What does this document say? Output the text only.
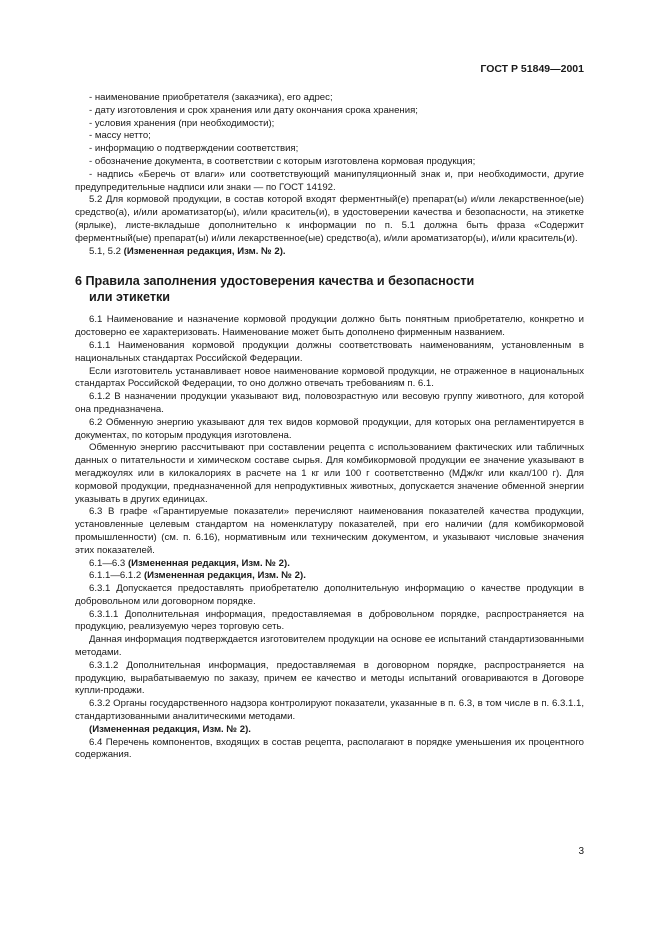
ГОСТ Р 51849—2001

- наименование приобретателя (заказчика), его адрес;

- дату изготовления и срок хранения или дату окончания срока хранения;

- условия хранения (при необходимости);

- массу нетто;

- информацию о подтверждении соответствия;

- обозначение документа, в соответствии с которым изготовлена кормовая продукция;

- надпись «Беречь от влаги» или соответствующий манипуляционный знак и, при необходимости, другие предупредительные надписи или знаки — по ГОСТ 14192.

5.2 Для кормовой продукции, в состав которой входят ферментный(е) препарат(ы) и/или лекарственное(ые) средство(а), и/или ароматизатор(ы), и/или краситель(и), в удостоверении качества и безопасности, на этикетке (ярлыке), листе-вкладыше дополнительно к информации по п. 5.1 должна быть фраза «Содержит ферментный(ые) препарат(ы) и/или лекарственное(ые) средство(а), и/или ароматизатор(ы), и/или краситель(и).

5.1, 5.2 (Измененная редакция, Изм. № 2).

6 Правила заполнения удостоверения качества и безопасности
или этикетки

6.1 Наименование и назначение кормовой продукции должно быть понятным приобретателю, конкретно и достоверно ее характеризовать. Наименование может быть дополнено фирменным названием.

6.1.1 Наименования кормовой продукции должны соответствовать наименованиям, установленным в национальных стандартах Российской Федерации.

Если изготовитель устанавливает новое наименование кормовой продукции, не отраженное в национальных стандартах Российской Федерации, то оно должно отвечать требованиям п. 6.1.

6.1.2 В назначении продукции указывают вид, половозрастную или весовую группу животного, для которой она предназначена.

6.2 Обменную энергию указывают для тех видов кормовой продукции, для которых она регламентируется в документах, по которым продукция изготовлена.

Обменную энергию рассчитывают при составлении рецепта с использованием фактических или табличных данных о питательности и химическом составе сырья. Для комбикормовой продукции ее значение указывают в мегаджоулях или в килокалориях в расчете на 1 кг или 100 г соответственно (МДж/кг или ккал/100 г). Для кормовой продукции, предназначенной для непродуктивных животных, допускается значение обменной энергии указывать в других единицах.

6.3 В графе «Гарантируемые показатели» перечисляют наименования показателей качества продукции, установленные целевым стандартом на номенклатуру показателей, при его наличии (для комбикормовой промышленности) (см. п. 6.16), нормативным или техническим документом, и указывают числовые значения этих показателей.

6.1—6.3 (Измененная редакция, Изм. № 2).

6.1.1—6.1.2 (Измененная редакция, Изм. № 2).

6.3.1 Допускается предоставлять приобретателю дополнительную информацию о качестве продукции в добровольном или договорном порядке.

6.3.1.1 Дополнительная информация, предоставляемая в добровольном порядке, распространяется на продукцию, реализуемую через торговую сеть.

Данная информация подтверждается изготовителем продукции на основе ее испытаний стандартизованными методами.

6.3.1.2 Дополнительная информация, предоставляемая в договорном порядке, распространяется на продукцию, вырабатываемую по заказу, причем ее качество и методы испытаний оговариваются в Договоре купли-продажи.

6.3.2 Органы государственного надзора контролируют показатели, указанные в п. 6.3, в том числе в п. 6.3.1.1, стандартизованными аналитическими методами.

(Измененная редакция, Изм. № 2).

6.4 Перечень компонентов, входящих в состав рецепта, располагают в порядке уменьшения их процентного содержания.

3
